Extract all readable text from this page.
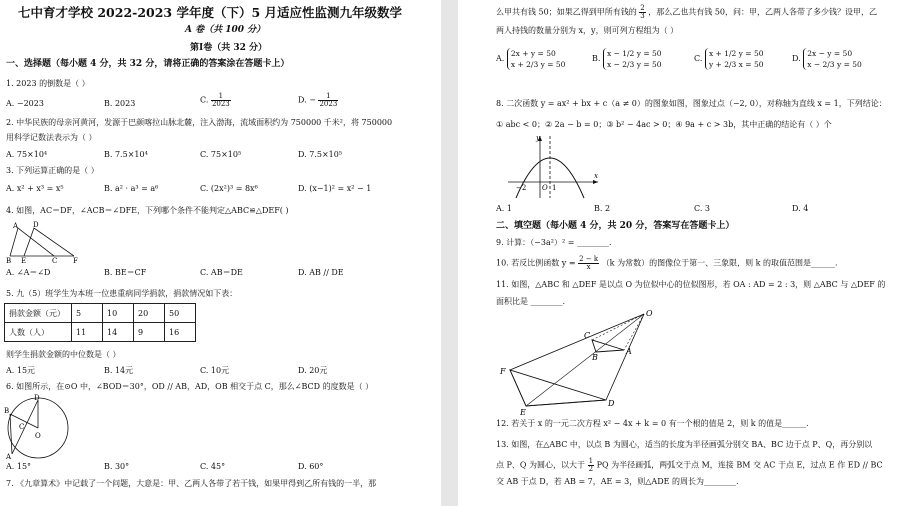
七中育才学校 2022-2023 学年度（下）5 月适应性监测九年级数学
A 卷（共 100 分）
第Ⅰ卷（共 32 分）
一、选择题（每小题 4 分，共 32 分，请将正确的答案涂在答题卡上）
1. 2023 的倒数是（ ）
A. −2023	B. 2023	C. $\frac{1}{2023}$	D. − $\frac{1}{2023}$
2. 中华民族的母亲河黄河，发源于巴颜喀拉山脉北麓，注入渤海，流域面积约为 750000 千米²，将 750000
用科学记数法表示为（ ）
A. 75×10⁴	B. 7.5×10⁴	C. 75×10⁵	D. 7.5×10⁵
3. 下列运算正确的是（ ）
A. x² + x³ = x⁵	B. a² · a³ = a⁶	C. (2x²)³ = 8x⁶	D. (x−1)² = x² − 1
4. 如图，AC＝DF，∠ACB＝∠DFE，下列哪个条件不能判定△ABC≌△DEF( )
A D
B E	C F
A. ∠A＝∠D	B. BE＝CF	C. AB＝DE	D. AB // DE
5. 九（5）班学生为本班一位患重病同学捐款，捐款情况如下表：
捐款金额（元）	5	10	20	50
人数（人）	11	14	9	16
则学生捐款金额的中位数是（ ）
A. 15元	B. 14元	C. 10元	D. 20元
6. 如图所示，在⊙O 中，∠BOD＝30°，OD // AB，AD，OB 相交于点 C，那么∠BCD 的度数是（ ）
D
B
C
O
A
A. 15°	B. 30°	C. 45°	D. 60°
7. 《九章算术》中记载了一个问题，大意是：甲、乙两人各带了若干钱，如果甲得到乙所有钱的一半，那
么甲共有钱 50；如果乙得到甲所有钱的 $\frac{2}{3}$ ，那么乙也共有钱 50，问：甲，乙两人各带了多少钱？设甲，乙
两人持钱的数量分别为 x，y，则可列方程组为（ ）
A.
2x + y = 50
x + 2/3 y = 50
B.
x − 1/2 y = 50
x − 2/3 y = 50
C.
x + 1/2 y = 50
y + 2/3 x = 50
D.
2x − y = 50
x − 2/3 y = 50
8. 二次函数 y = ax² + bx + c（a ≠ 0）的图象如图，图象过点（−2, 0），对称轴为直线 x = 1，下列结论：
① abc < 0；② 2a − b = 0；③ b² − 4ac > 0；④ 9a + c > 3b，其中正确的结论有（ ）个
y
x
O
−2	1
A. 1	B. 2	C. 3	D. 4
二、填空题（每小题 4 分，共 20 分，答案写在答题卡上）
9. 计算：（−3a²）² = ________.
10. 若反比例函数 $y = \frac{2 - k}{x} (k$ 为常数）的图像位于第一、三象限，则 k 的取值范围是______.
11. 如图，△ABC 和 △DEF 是以点 O 为位似中心的位似图形，若 OA : AD = 2 : 3，则 △ABC 与 △DEF 的
面积比是 ________.
O
C
B
A
F
E
D
12. 若关于 x 的一元二次方程 x² − 4x + k = 0 有一个根的值是 2，则 k 的值是______.
13. 如图，在△ABC 中，以点 B 为圆心，适当的长度为半径画弧分别交 BA、BC 边于点 P、Q，再分别以
点 P、Q 为圆心，以大于 $\frac{1}{2}$ PQ 为半径画弧，两弧交于点 M，连接 BM 交 AC 于点 E，过点 E 作 ED // BC
交 AB 于点 D，若 AB = 7，AE = 3，则△ADE 的周长为________.
